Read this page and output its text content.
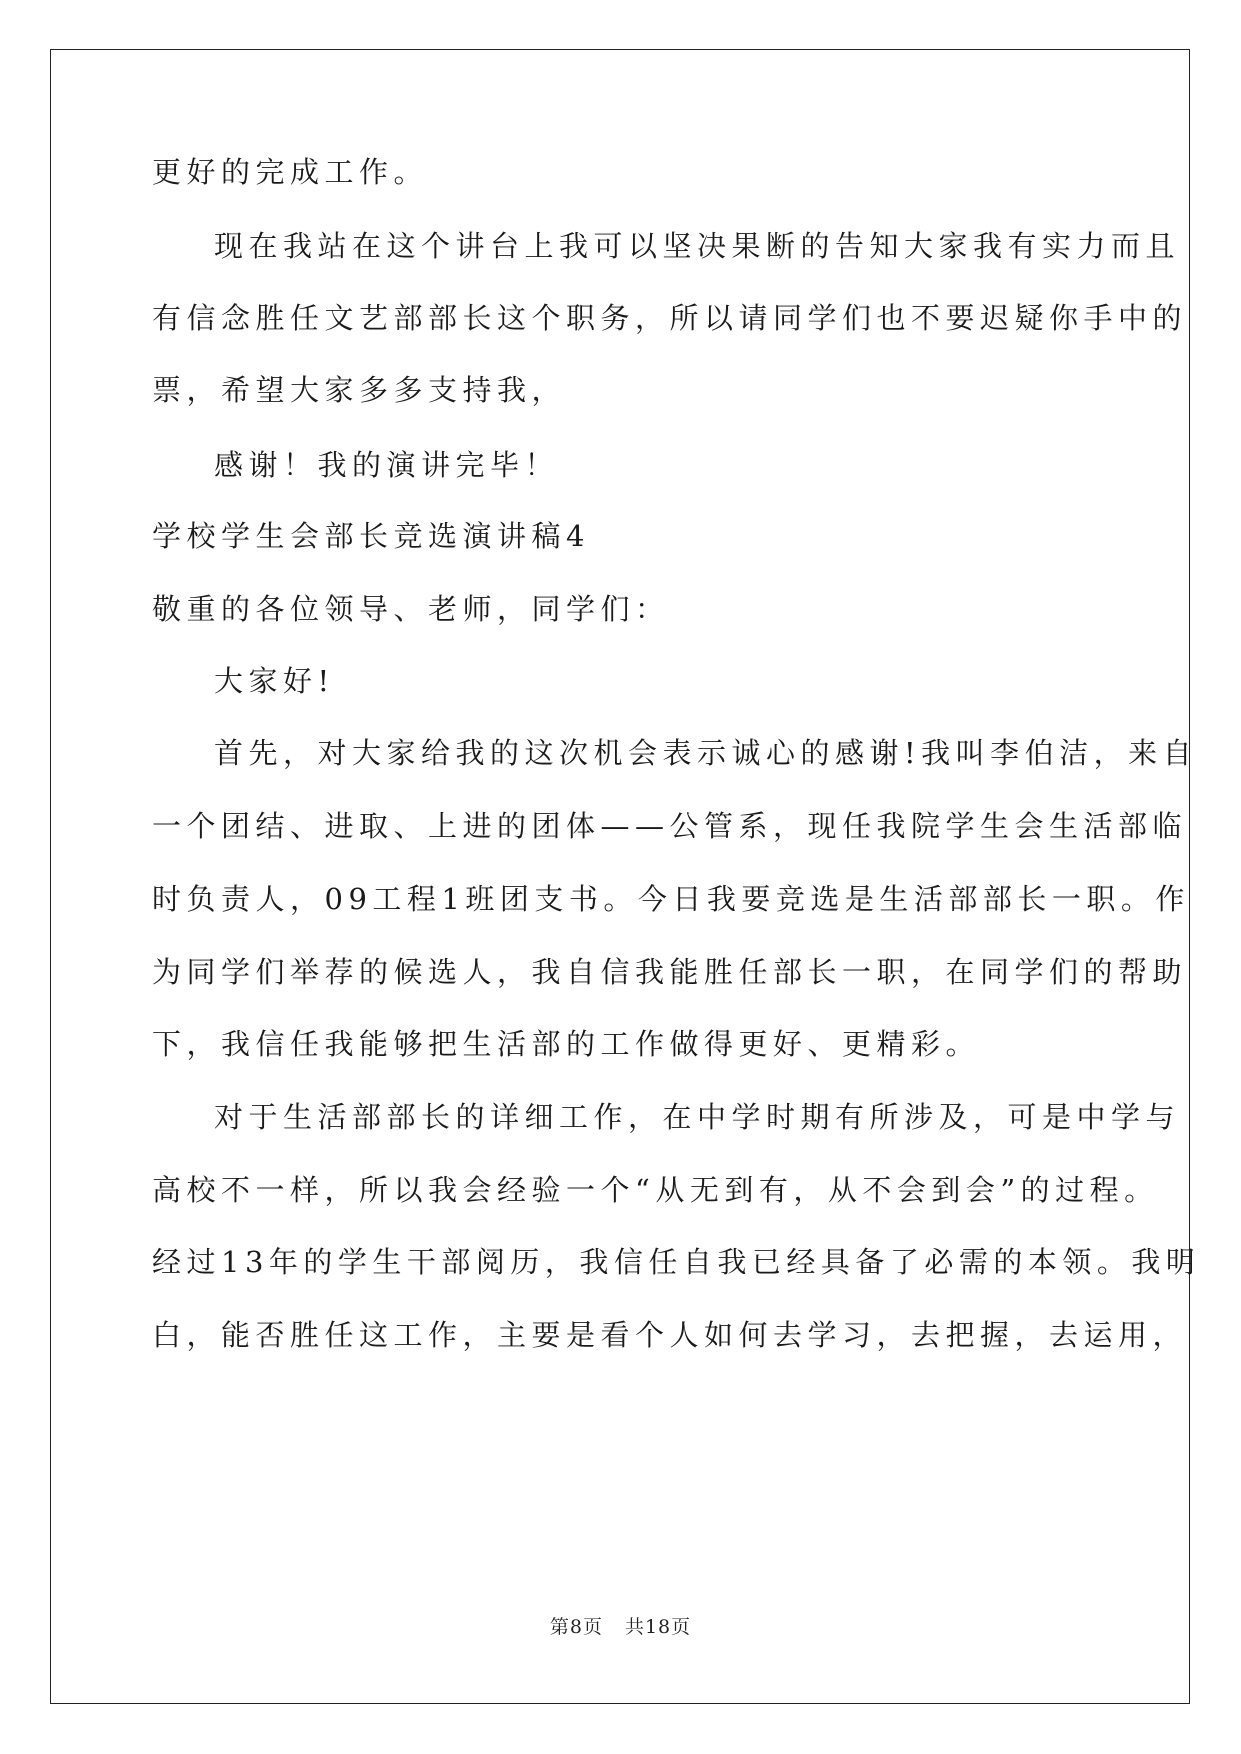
更好的完成工作。
现在我站在这个讲台上我可以坚决果断的告知大家我有实力而且
有信念胜任文艺部部长这个职务，所以请同学们也不要迟疑你手中的
票，希望大家多多支持我，
感谢！我的演讲完毕！
学校学生会部长竞选演讲稿4
敬重的各位领导、老师，同学们：
大家好!
首先，对大家给我的这次机会表示诚心的感谢!我叫李伯洁，来自
一个团结、进取、上进的团体——公管系，现任我院学生会生活部临
时负责人，09工程1班团支书。今日我要竞选是生活部部长一职。作
为同学们举荐的候选人，我自信我能胜任部长一职，在同学们的帮助
下，我信任我能够把生活部的工作做得更好、更精彩。
对于生活部部长的详细工作，在中学时期有所涉及，可是中学与
高校不一样，所以我会经验一个“从无到有，从不会到会”的过程。
经过13年的学生干部阅历，我信任自我已经具备了必需的本领。我明
白，能否胜任这工作，主要是看个人如何去学习，去把握，去运用，
第8页 共18页
